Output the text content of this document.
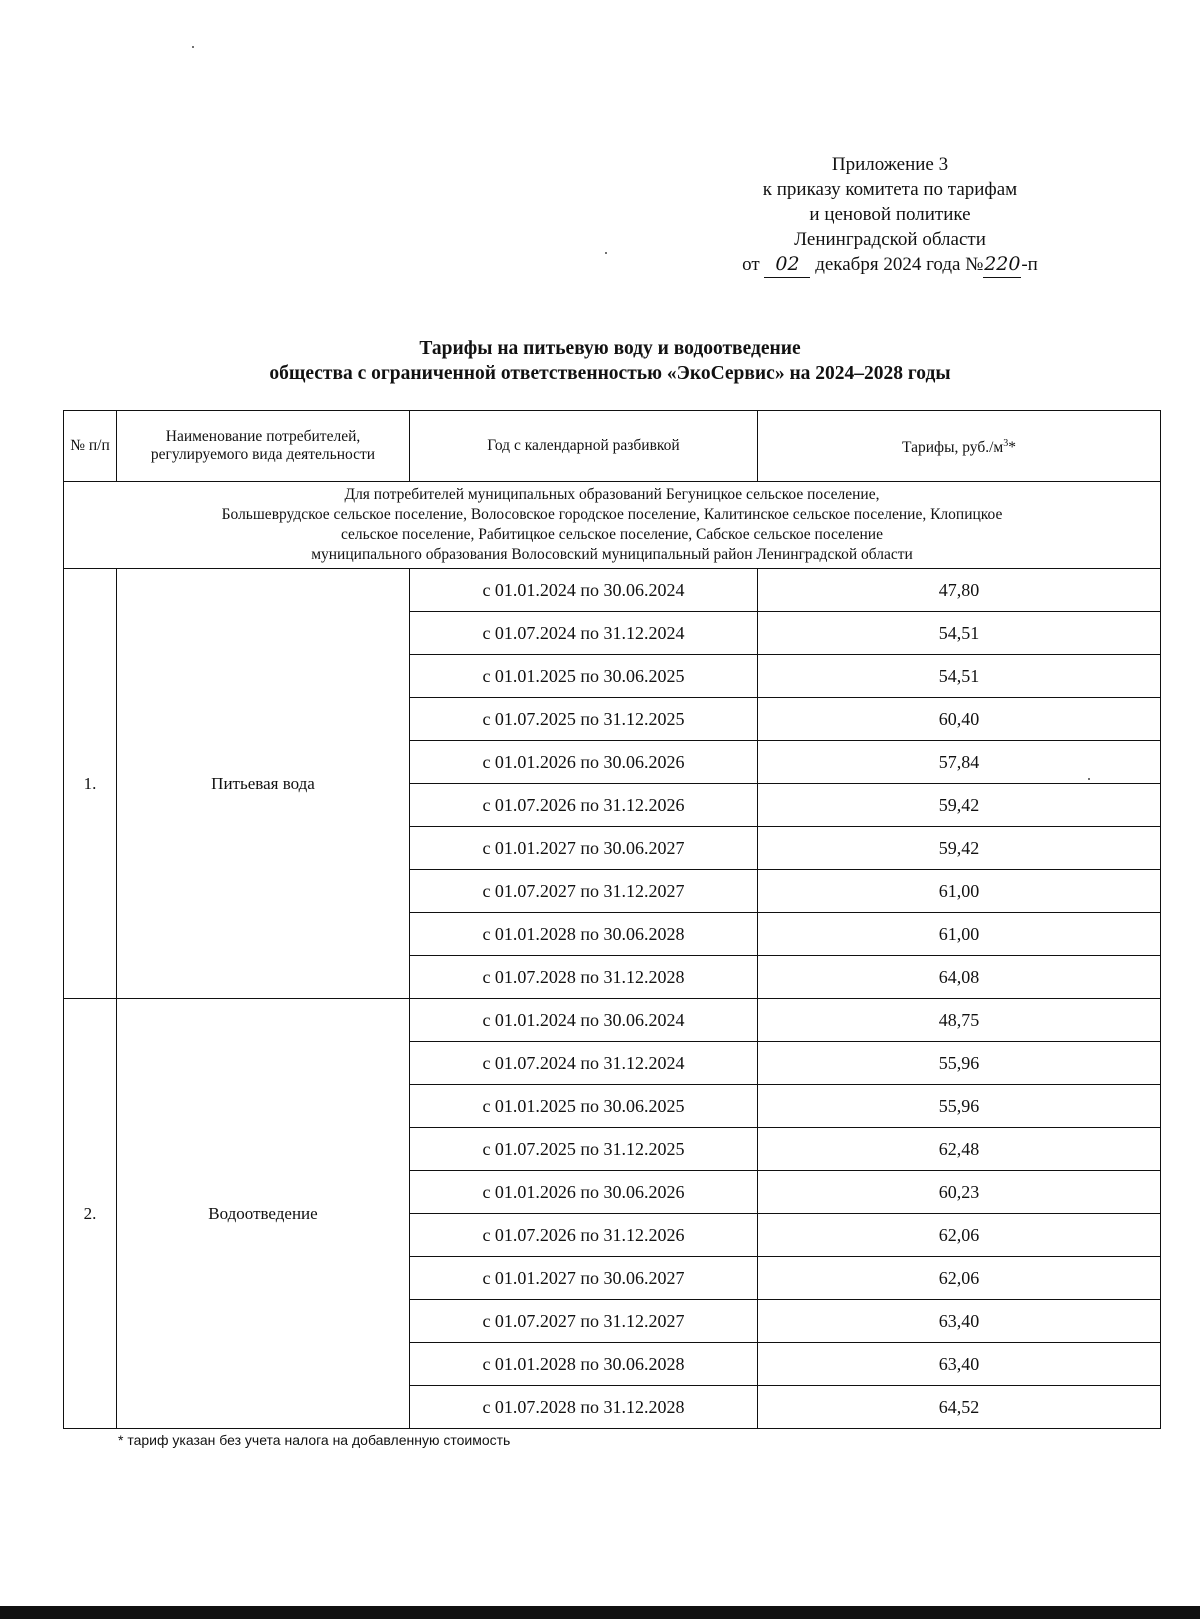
Приложение 3
к приказу комитета по тарифам
и ценовой политике
Ленинградской области
от 02 декабря 2024 года №220-п
Тарифы на питьевую воду и водоотведение
общества с ограниченной ответственностью «ЭкоСервис» на 2024–2028 годы
№ п/п	Наименование потребителей, регулируемого вида деятельности	Год с календарной разбивкой	Тарифы, $руб./м^3*$

Для потребителей муниципальных образований Бегуницкое сельское поселение,
Большеврудское сельское поселение, Волосовское городское поселение, Калитинское сельское поселение, Клопицкое
сельское поселение, Рабитицкое сельское поселение, Сабское сельское поселение
муниципального образования Волосовский муниципальный район Ленинградской области			

1.	Питьевая вода	с 01.01.2024 по 30.06.2024	47,80
		с 01.07.2024 по 31.12.2024	54,51
		с 01.01.2025 по 30.06.2025	54,51
		с 01.07.2025 по 31.12.2025	60,40
		с 01.01.2026 по 30.06.2026	57,84
		с 01.07.2026 по 31.12.2026	59,42
		с 01.01.2027 по 30.06.2027	59,42
		с 01.07.2027 по 31.12.2027	61,00
		с 01.01.2028 по 30.06.2028	61,00
		с 01.07.2028 по 31.12.2028	64,08
2.	Водоотведение	с 01.01.2024 по 30.06.2024	48,75
		с 01.07.2024 по 31.12.2024	55,96
		с 01.01.2025 по 30.06.2025	55,96
		с 01.07.2025 по 31.12.2025	62,48
		с 01.01.2026 по 30.06.2026	60,23
		с 01.07.2026 по 31.12.2026	62,06
		с 01.01.2027 по 30.06.2027	62,06
		с 01.07.2027 по 31.12.2027	63,40
		с 01.01.2028 по 30.06.2028	63,40
		с 01.07.2028 по 31.12.2028	64,52
* тариф указан без учета налога на добавленную стоимость
